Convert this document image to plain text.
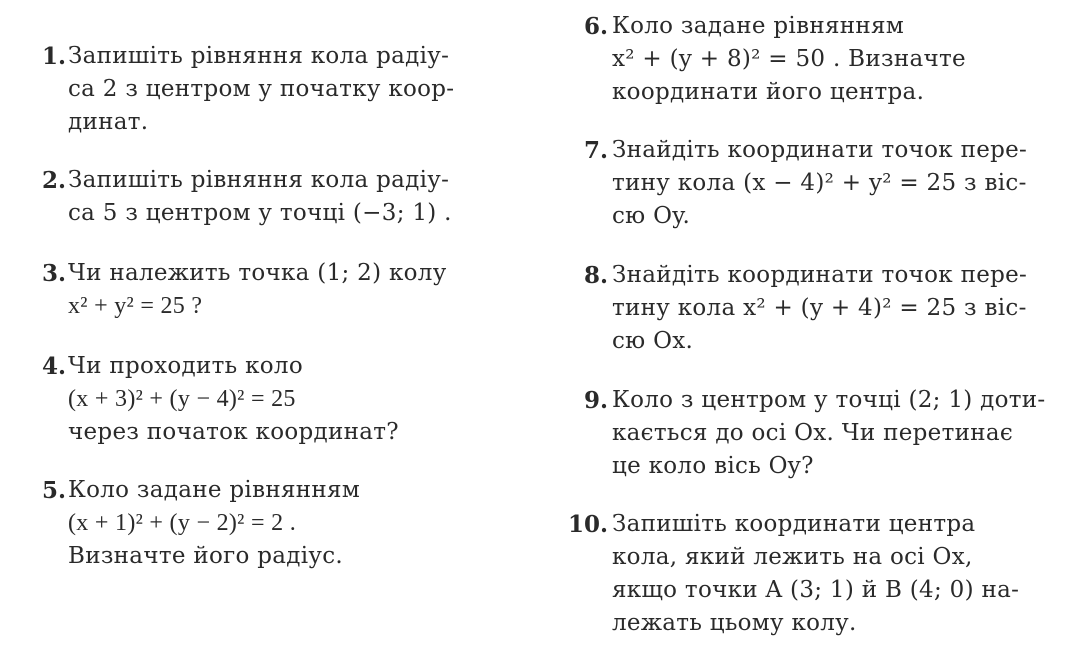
1. Запишіть рівняння кола радіу-
са 2 з центром у початку коор-
динат.
2. Запишіть рівняння кола радіу-
са 5 з центром у точці (−3; 1) .
3. Чи належить точка (1; 2) колу
x² + y² = 25 ?
4. Чи проходить коло
(x + 3)² + (y − 4)² = 25
через початок координат?
5. Коло задане рівнянням
(x + 1)² + (y − 2)² = 2 .
Визначте його радіус.
6. Коло задане рівнянням
x² + (y + 8)² = 50 . Визначте
координати його центра.
7. Знайдіть координати точок пере-
тину кола (x − 4)² + y² = 25 з віс-
сю Oy.
8. Знайдіть координати точок пере-
тину кола x² + (y + 4)² = 25 з віс-
сю Ox.
9. Коло з центром у точці (2; 1) доти-
кається до осі Ox. Чи перетинає
це коло вісь Oy?
10. Запишіть координати центра
кола, який лежить на осі Ox,
якщо точки A (3; 1) й B (4; 0) на-
лежать цьому колу.
